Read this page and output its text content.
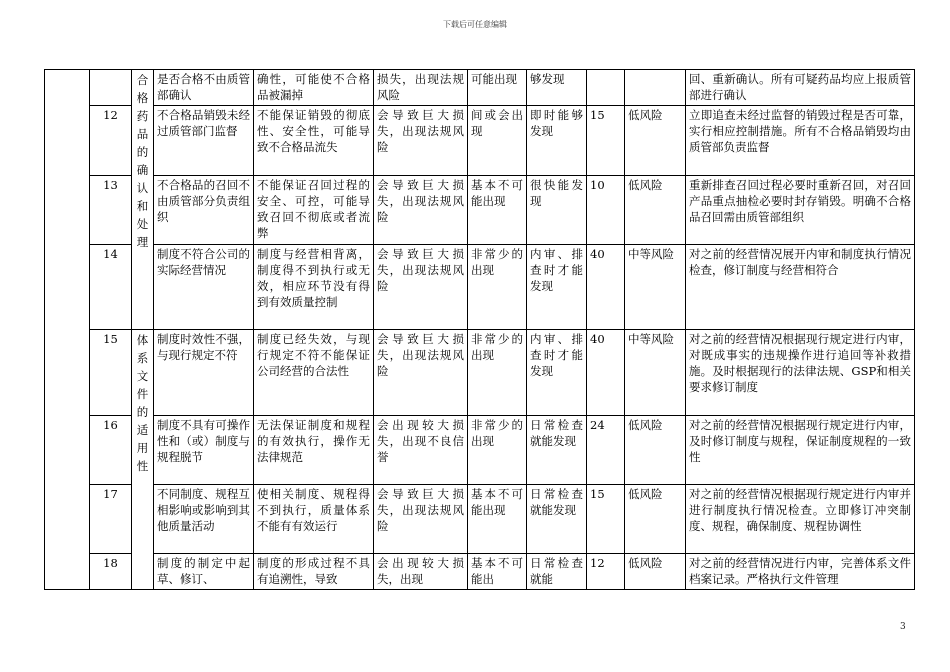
下载后可任意编辑

		合格药品的确认和处理	是否合格不由质管部确认	确性，可能使不合格品被漏掉	损失，出现法规风险	可能出现	够发现			回、重新确认。所有可疑药品均应上报质管部进行确认
	12		不合格品销毁未经过质管部门监督	不能保证销毁的彻底性、安全性，可能导致不合格品流失	会导致巨大损失，出现法规风险	间或会出现	即时能够发现	15	低风险	立即追查未经过监督的销毁过程是否可靠，实行相应控制措施。所有不合格品销毁均由质管部负责监督
	13		不合格品的召回不由质管部分负责组织	不能保证召回过程的安全、可控，可能导致召回不彻底或者流弊	会导致巨大损失，出现法规风险	基本不可能出现	很快能发现	10	低风险	重新排查召回过程必要时重新召回，对召回产品重点抽检必要时封存销毁。明确不合格品召回需由质管部组织
	14		制度不符合公司的实际经营情况	制度与经营相背离，制度得不到执行或无效，相应环节没有得到有效质量控制	会导致巨大损失，出现法规风险	非常少的出现	内审、排查时才能发现	40	中等风险	对之前的经营情况展开内审和制度执行情况检查，修订制度与经营相符合
	15	体系文件的适用性	制度时效性不强，与现行规定不符	制度已经失效，与现行规定不符不能保证公司经营的合法性	会导致巨大损失，出现法规风险	非常少的出现	内审、排查时才能发现	40	中等风险	对之前的经营情况根据现行规定进行内审，对既成事实的违规操作进行追回等补救措施。及时根据现行的法律法规、GSP和相关要求修订制度
	16		制度不具有可操作性和（或）制度与规程脱节	无法保证制度和规程的有效执行，操作无法律规范	会出现较大损失，出现不良信誉	非常少的出现	日常检查就能发现	24	低风险	对之前的经营情况根据现行规定进行内审，及时修订制度与规程，保证制度规程的一致性
	17		不同制度、规程互相影响或影响到其他质量活动	使相关制度、规程得不到执行，质量体系不能有有效运行	会导致巨大损失，出现法规风险	基本不可能出现	日常检查就能发现	15	低风险	对之前的经营情况根据现行规定进行内审并进行制度执行情况检查。立即修订冲突制度、规程，确保制度、规程协调性
	18		制度的制定中起草、修订、	制度的形成过程不具有追溯性，导致	会出现较大损失，出现	基本不可能出	日常检查就能	12	低风险	对之前的经营情况进行内审，完善体系文件档案记录。严格执行文件管理
3
